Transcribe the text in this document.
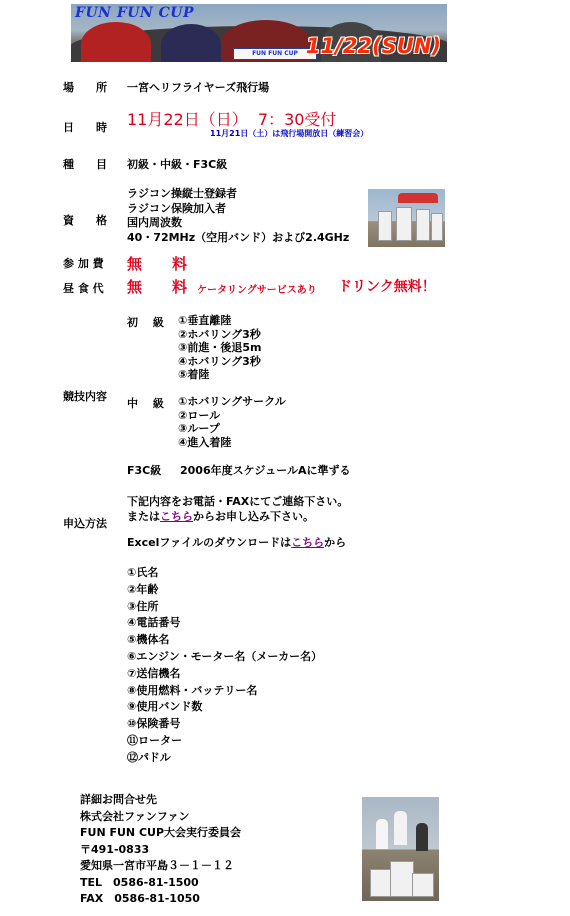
FUN FUN CUP
FUN FUN CUP 11/22(SUN)
場　　所 一宮ヘリフライヤーズ飛行場
日　　時 11月22日（日）  7：30受付
11月21日（土）は飛行場開放日（練習会）
種　　目 初級・中級・F3C級
資　　格
ラジコン操縦士登録者
ラジコン保険加入者
国内周波数
40・72MHz（空用バンド）および2.4GHz
参 加 費 無　　料
昼 食 代 無　　料 ケータリングサービスあり ドリンク無料！
競技内容
初　 級 ①垂直離陸
②ホバリング3秒
③前進・後退5m
④ホバリング3秒
⑤着陸
中　 級 ①ホバリングサークル
②ロール
③ループ
④進入着陸
F3C級 2006年度スケジュールAに準ずる
申込方法
下記内容をお電話・FAXにてご連絡下さい。
またはこちらからお申し込み下さい。
Excelファイルのダウンロードはこちらから
①氏名
②年齢
③住所
④電話番号
⑤機体名
⑥エンジン・モーター名（メーカー名）
⑦送信機名
⑧使用燃料・バッテリー名
⑨使用バンド数
⑩保険番号
⑪ローター
⑫パドル
詳細お問合せ先
株式会社ファンファン
FUN FUN CUP大会実行委員会
〒491-0833
愛知県一宮市平島３－１－１２
TEL　0586-81-1500
FAX　0586-81-1050
